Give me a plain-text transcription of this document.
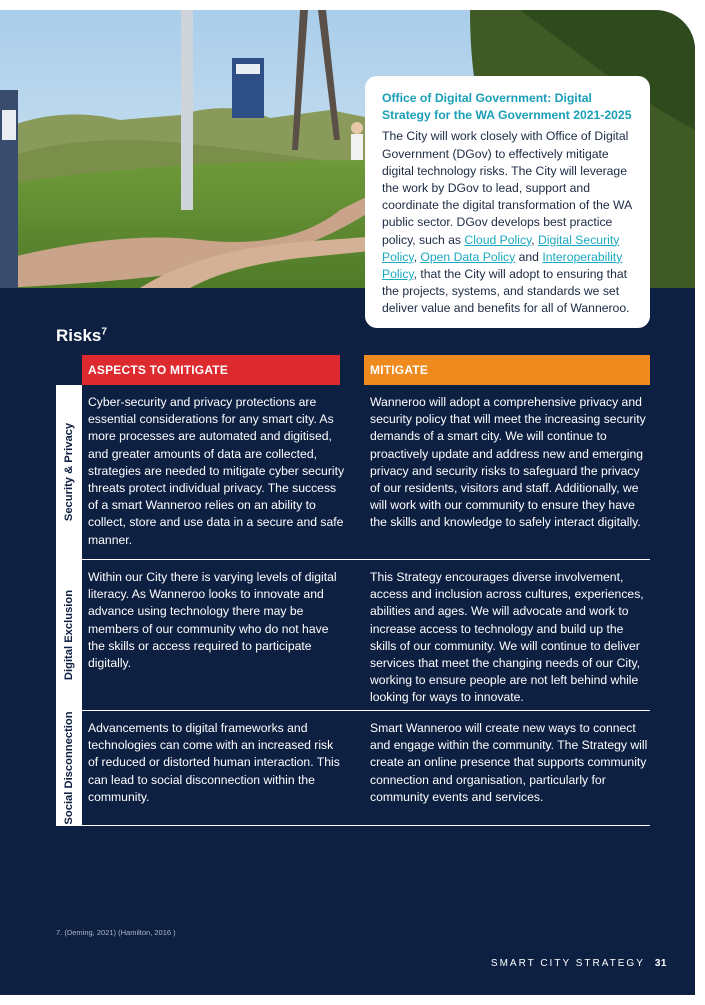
Office of Digital Government: Digital Strategy for the WA Government 2021-2025
The City will work closely with Office of Digital Government (DGov) to effectively mitigate digital technology risks. The City will leverage the work by DGov to lead, support and coordinate the digital transformation of the WA public sector. DGov develops best practice policy, such as Cloud Policy, Digital Security Policy, Open Data Policy and Interoperability Policy, that the City will adopt to ensuring that the projects, systems, and standards we set deliver value and benefits for all of Wanneroo.
Risks$^7$
ASPECTS TO MITIGATE	MITIGATE
Security & Privacy
Cyber-security and privacy protections are essential considerations for any smart city. As more processes are automated and digitised, and greater amounts of data are collected, strategies are needed to mitigate cyber security threats protect individual privacy. The success of a smart Wanneroo relies on an ability to collect, store and use data in a secure and safe manner.
Wanneroo will adopt a comprehensive privacy and security policy that will meet the increasing security demands of a smart city. We will continue to proactively update and address new and emerging privacy and security risks to safeguard the privacy of our residents, visitors and staff. Additionally, we will work with our community to ensure they have the skills and knowledge to safely interact digitally.
Digital Exclusion
Within our City there is varying levels of digital literacy. As Wanneroo looks to innovate and advance using technology there may be members of our community who do not have the skills or access required to participate digitally.
This Strategy encourages diverse involvement, access and inclusion across cultures, experiences, abilities and ages. We will advocate and work to increase access to technology and build up the skills of our community. We will continue to deliver services that meet the changing needs of our City, working to ensure people are not left behind while looking for ways to innovate.
Social Disconnection Advancements to digital frameworks and technologies can come with an increased risk of reduced or distorted human interaction. This can lead to social disconnection within the community.
Smart Wanneroo will create new ways to connect and engage within the community. The Strategy will create an online presence that supports community connection and organisation, particularly for community events and services.
7. (Deming, 2021) (Hamilton, 2016 )
SMART CITY STRATEGY 31
